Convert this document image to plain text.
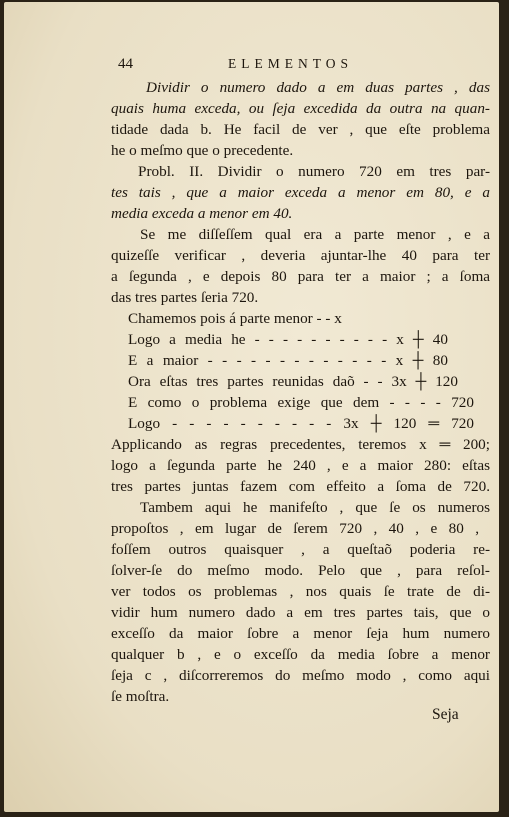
44	ELEMENTOS
Dividir o numero dado a em duas partes , das
quais huma exceda, ou ſeja excedida da outra na quan-
tidade dada b. He facil de ver , que eſte problema
he o meſmo que o precedente.
Probl. II. Dividir o numero 720 em tres par-
tes tais , que a maior exceda a menor em 80, e a
media exceda a menor em 40.
Se me diſſeſſem qual era a parte menor , e a
quizeſſe verificar , deveria ajuntar-lhe 40 para ter
a ſegunda , e depois 80 para ter a maior ; a ſoma
das tres partes ſeria 720.
Chamemos pois á parte menor - - x
Logo a media he - - - - - - - - - - x ┼ 40
E a maior - - - - - - - - - - - - - x ┼ 80
Ora eſtas tres partes reunidas daõ - - 3x ┼ 120
E como o problema exige que dem - - - - 720
Logo - - - - - - - - - - 3x ┼ 120 ═ 720
Applicando as regras precedentes, teremos x ═ 200;
logo a ſegunda parte he 240 , e a maior 280: eſtas
tres partes juntas fazem com effeito a ſoma de 720.
Tambem aqui he manifeſto , que ſe os numeros
propoſtos , em lugar de ſerem 720 , 40 , e 80 ,
foſſem outros quaisquer , a queſtaõ poderia re-
ſolver-ſe do meſmo modo. Pelo que , para reſol-
ver todos os problemas , nos quais ſe trate de di-
vidir hum numero dado a em tres partes tais, que o
exceſſo da maior ſobre a menor ſeja hum numero
qualquer b , e o exceſſo da media ſobre a menor
ſeja c , diſcorreremos do meſmo modo , como aqui
ſe moſtra.
Seja
